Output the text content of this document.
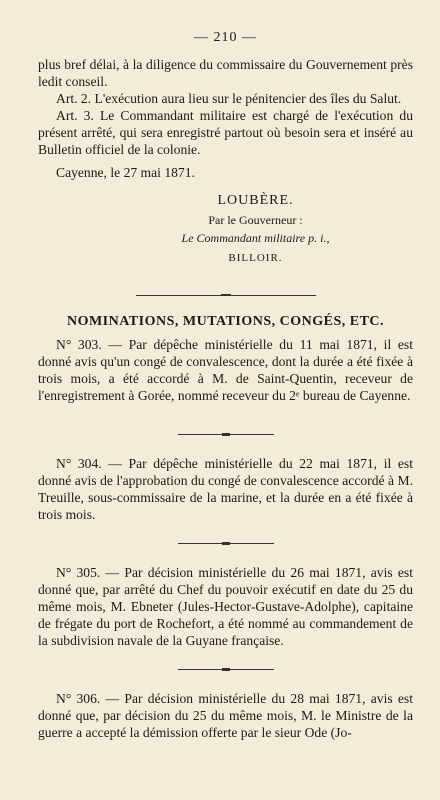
— 210 —

plus bref délai, à la diligence du commissaire du Gouvernement près ledit conseil.

Art. 2. L'exécution aura lieu sur le pénitencier des îles du Salut.

Art. 3. Le Commandant militaire est chargé de l'exécution du présent arrêté, qui sera enregistré partout où besoin sera et inséré au Bulletin officiel de la colonie.

Cayenne, le 27 mai 1871.

LOUBÈRE.
Par le Gouverneur :
Le Commandant militaire p. i.,
BILLOIR.
NOMINATIONS, MUTATIONS, CONGÉS, ETC.

N° 303. — Par dépêche ministérielle du 11 mai 1871, il est donné avis qu'un congé de convalescence, dont la durée a été fixée à trois mois, a été accordé à M. de Saint-Quentin, receveur de l'enregistrement à Gorée, nommé receveur du 2ᵉ bureau de Cayenne.

N° 304. — Par dépêche ministérielle du 22 mai 1871, il est donné avis de l'approbation du congé de convalescence accordé à M. Treuille, sous-commissaire de la marine, et la durée en a été fixée à trois mois.

N° 305. — Par décision ministérielle du 26 mai 1871, avis est donné que, par arrêté du Chef du pouvoir exécutif en date du 25 du même mois, M. Ebneter (Jules-Hector-Gustave-Adolphe), capitaine de frégate du port de Rochefort, a été nommé au commandement de la subdivision navale de la Guyane française.

N° 306. — Par décision ministérielle du 28 mai 1871, avis est donné que, par décision du 25 du même mois, M. le Ministre de la guerre a accepté la démission offerte par le sieur Ode (Jo-
